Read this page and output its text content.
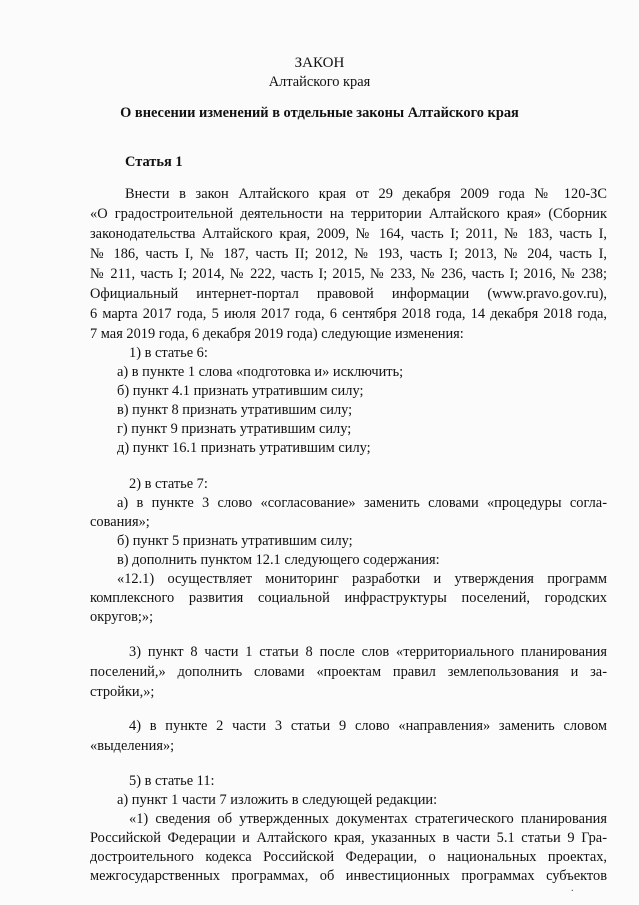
ЗАКОН
Алтайского края
О внесении изменений в отдельные законы Алтайского края
Статья 1
Внести в закон Алтайского края от 29 декабря 2009 года № 120-ЗС
«О градостроительной деятельности на территории Алтайского края» (Сборник
законодательства Алтайского края, 2009, № 164, часть I; 2011, № 183, часть I,
№ 186, часть I, № 187, часть II; 2012, № 193, часть I; 2013, № 204, часть I,
№ 211, часть I; 2014, № 222, часть I; 2015, № 233, № 236, часть I; 2016, № 238;
Официальный интернет-портал правовой информации (www.pravo.gov.ru),
6 марта 2017 года, 5 июля 2017 года, 6 сентября 2018 года, 14 декабря 2018 года,
7 мая 2019 года, 6 декабря 2019 года) следующие изменения:
1) в статье 6:
а) в пункте 1 слова «подготовка и» исключить;
б) пункт 4.1 признать утратившим силу;
в) пункт 8 признать утратившим силу;
г) пункт 9 признать утратившим силу;
д) пункт 16.1 признать утратившим силу;
2) в статье 7:
а) в пункте 3 слово «согласование» заменить словами «процедуры согла-
сования»;
б) пункт 5 признать утратившим силу;
в) дополнить пунктом 12.1 следующего содержания:
«12.1) осуществляет мониторинг разработки и утверждения программ
комплексного развития социальной инфраструктуры поселений, городских
округов;»;
3) пункт 8 части 1 статьи 8 после слов «территориального планирования
поселений,» дополнить словами «проектам правил землепользования и за-
стройки,»;
4) в пункте 2 части 3 статьи 9 слово «направления» заменить словом
«выделения»;
5) в статье 11:
а) пункт 1 части 7 изложить в следующей редакции:
«1) сведения об утвержденных документах стратегического планирования
Российской Федерации и Алтайского края, указанных в части 5.1 статьи 9 Гра-
достроительного кодекса Российской Федерации, о национальных проектах,
межгосударственных программах, об инвестиционных программах субъектов
.
